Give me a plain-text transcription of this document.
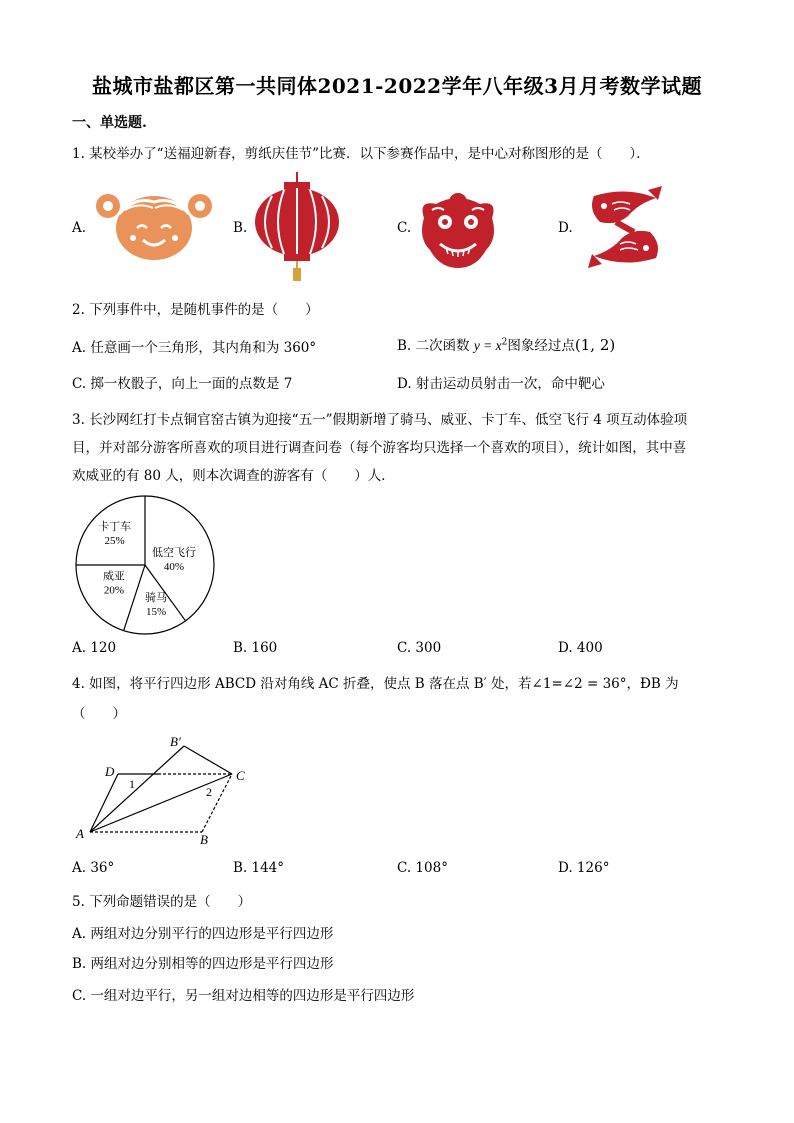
盐城市盐都区第一共同体2021-2022学年八年级3月月考数学试题
一、单选题.
1. 某校举办了“送福迎新春，剪纸庆佳节”比赛．以下参赛作品中，是中心对称图形的是（　　）．
A.	B.	C.	D.
2. 下列事件中，是随机事件的是（　　）
A. 任意画一个三角形，其内角和为 360°	B. 二次函数 $y = x^2$图象经过点(1, 2)
C. 掷一枚骰子，向上一面的点数是 7	D. 射击运动员射击一次，命中靶心
3. 长沙网红打卡点铜官窑古镇为迎接“五一”假期新增了骑马、威亚、卡丁车、低空飞行 4 项互动体验项
目，并对部分游客所喜欢的项目进行调查问卷（每个游客均只选择一个喜欢的项目），统计如图，其中喜
欢威亚的有 80 人，则本次调查的游客有（　　）人．
卡丁车
25%
低空飞行
40%
骑马
15%
威亚
20%
A. 120	B. 160	C. 300	D. 400
4. 如图，将平行四边形 ABCD 沿对角线 AC 折叠，使点 B 落在点 B′ 处，若∠1=∠2 = 36°，ÐB 为
（　　）
A	B
C
D
B′
1
2
A. 36°	B. 144°	C. 108°	D. 126°
5. 下列命题错误的是（　　）
A. 两组对边分别平行的四边形是平行四边形
B. 两组对边分别相等的四边形是平行四边形
C. 一组对边平行，另一组对边相等的四边形是平行四边形
